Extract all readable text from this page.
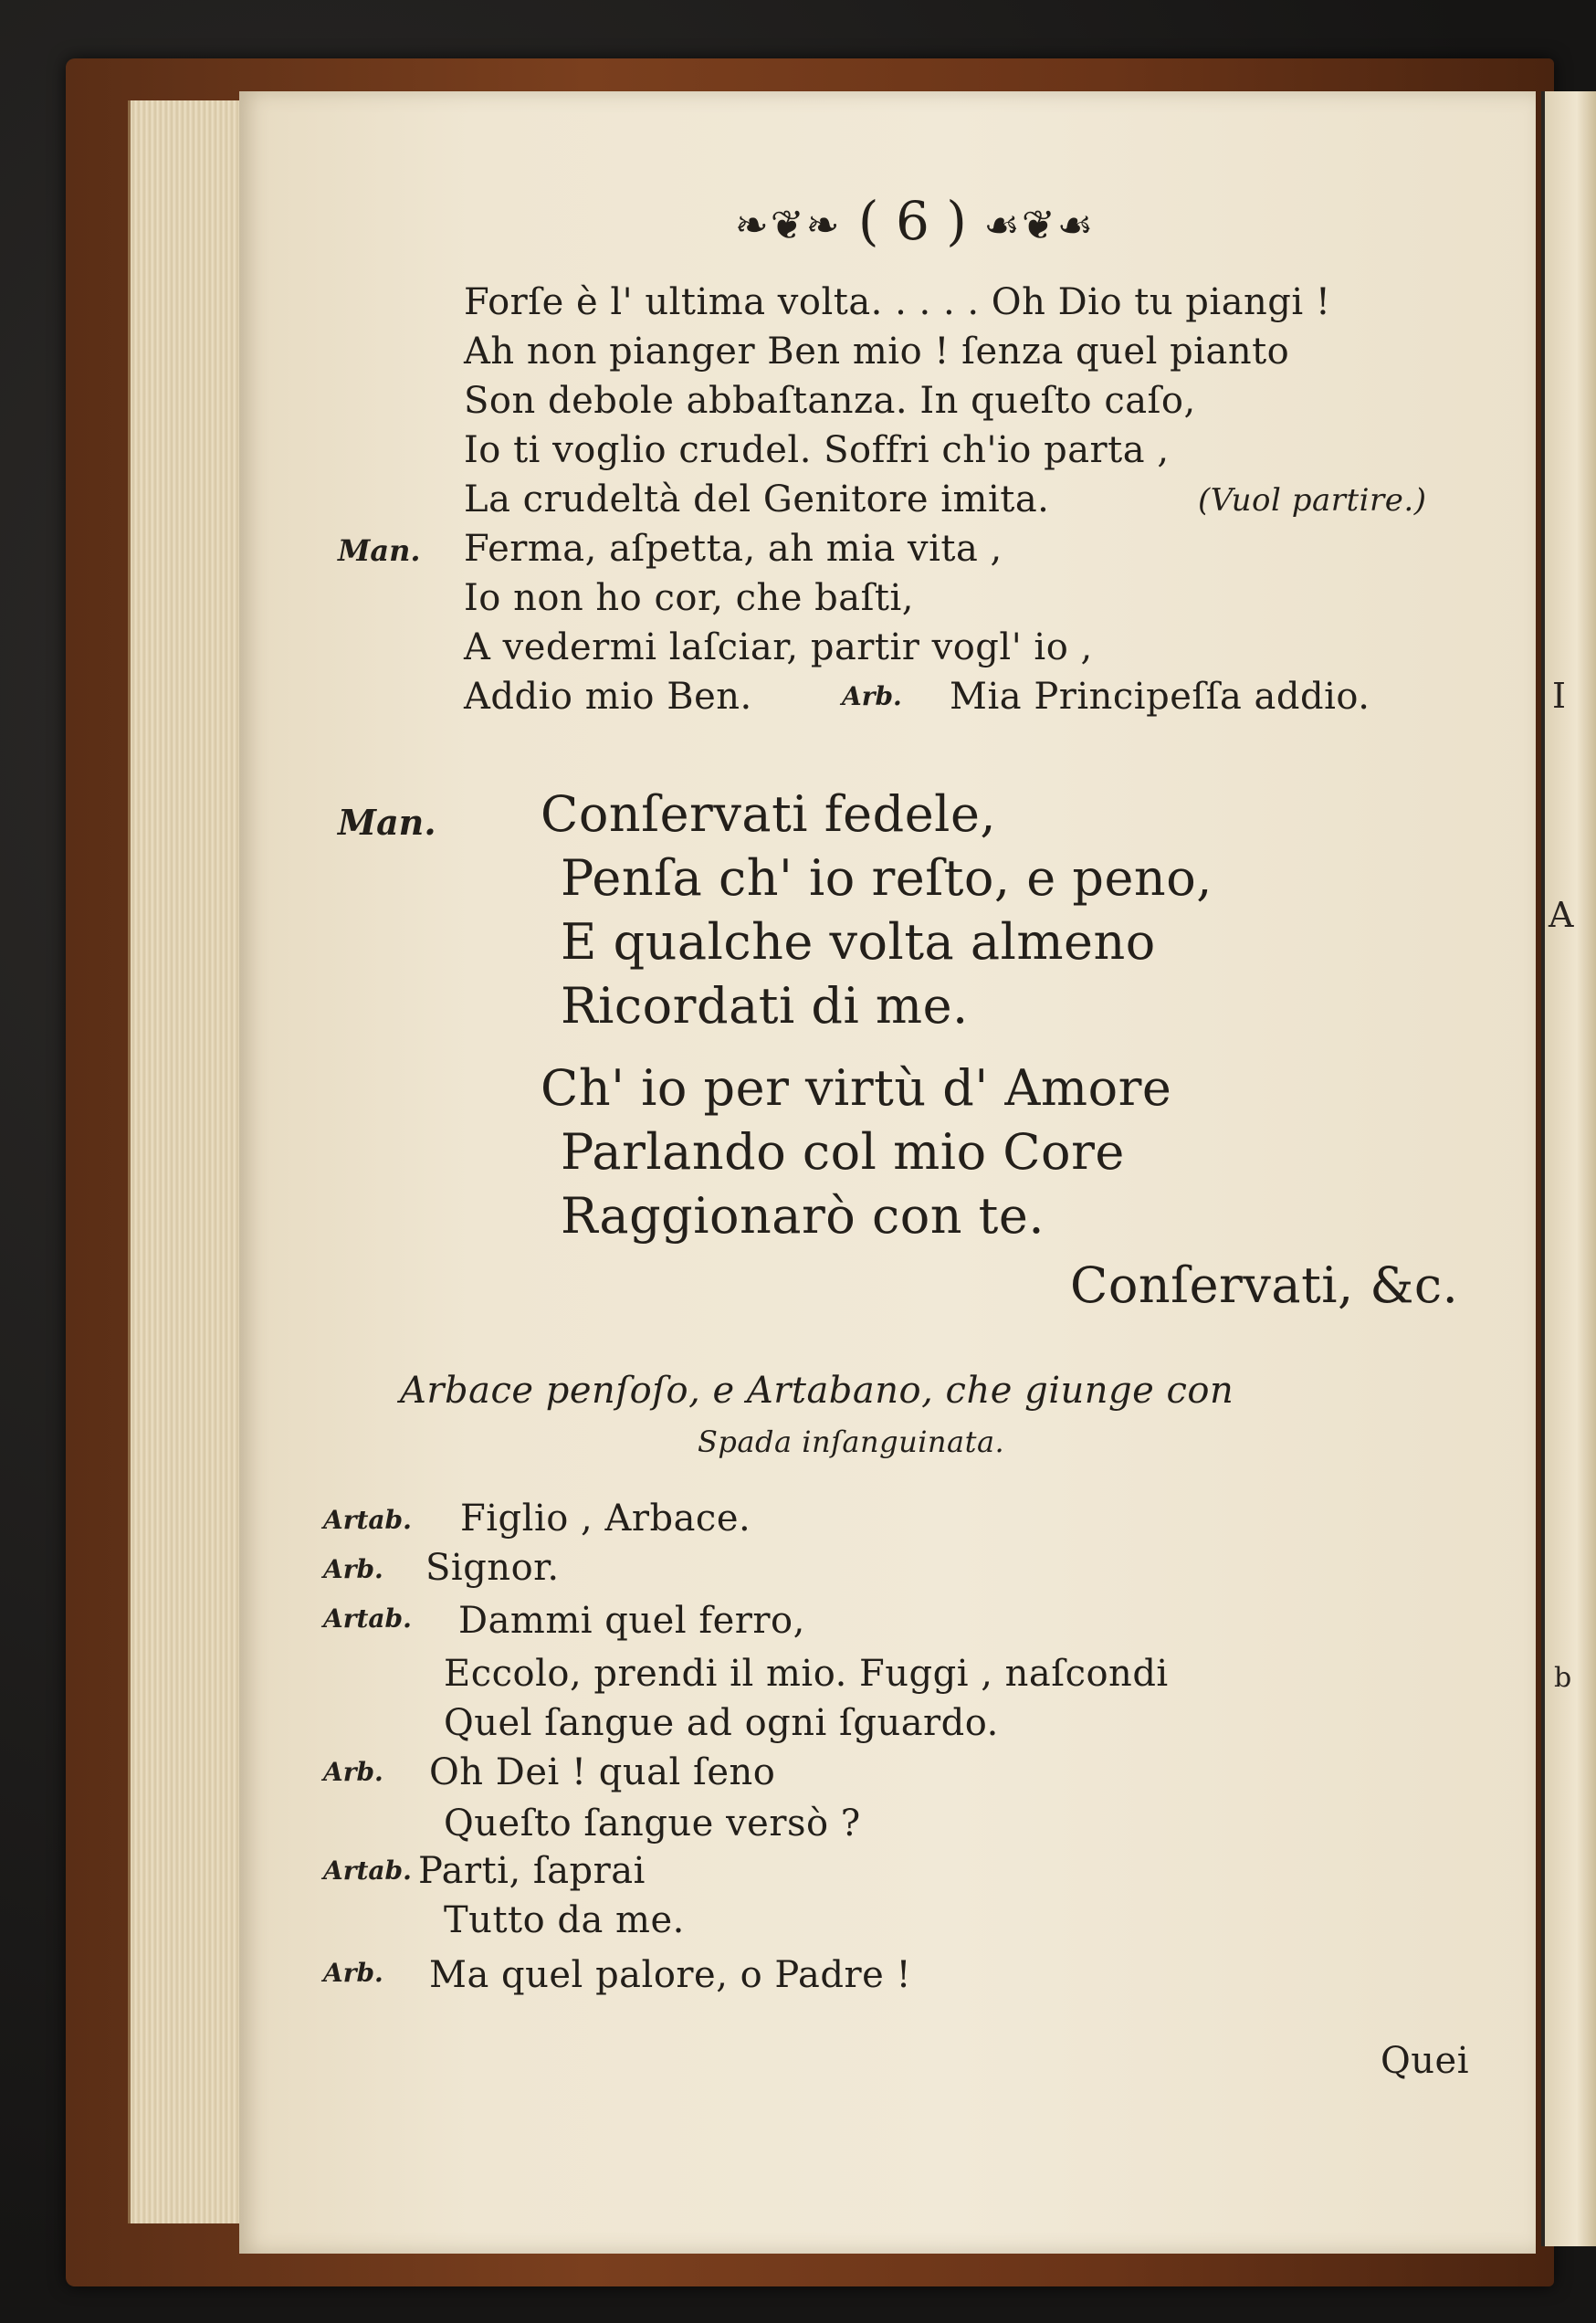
I
A
b
❧❦❧ ( 6 ) ☙❦☙
Forſe è l' ultima volta. . . . . Oh Dio tu piangi !
Ah non pianger Ben mio ! ſenza quel pianto
Son debole abbaſtanza. In queſto caſo,
Io ti voglio crudel. Soffri ch'io parta ,
La crudeltà del Genitore imita.	(Vuol partire.)
Man. Ferma, aſpetta, ah mia vita ,
Io non ho cor, che baſti,
A vedermi laſciar, partir vogl' io ,
Addio mio Ben.	Arb. Mia Principeſſa addio.
Man. Conſervati fedele,
Penſa ch' io reſto, e peno,
E qualche volta almeno
Ricordati di me.
Ch' io per virtù d' Amore
Parlando col mio Core
Raggionarò con te.
Conſervati, &c.
Arbace penſoſo, e Artabano, che giunge con
Spada inſanguinata.
Artab. Figlio , Arbace.
Arb. Signor.
Artab. Dammi quel ferro,
Eccolo, prendi il mio. Fuggi , naſcondi
Quel ſangue ad ogni ſguardo.
Arb. Oh Dei ! qual ſeno
Queſto ſangue versò ?
Artab. Parti, ſaprai
Tutto da me.
Arb. Ma quel palore, o Padre !
Quei
